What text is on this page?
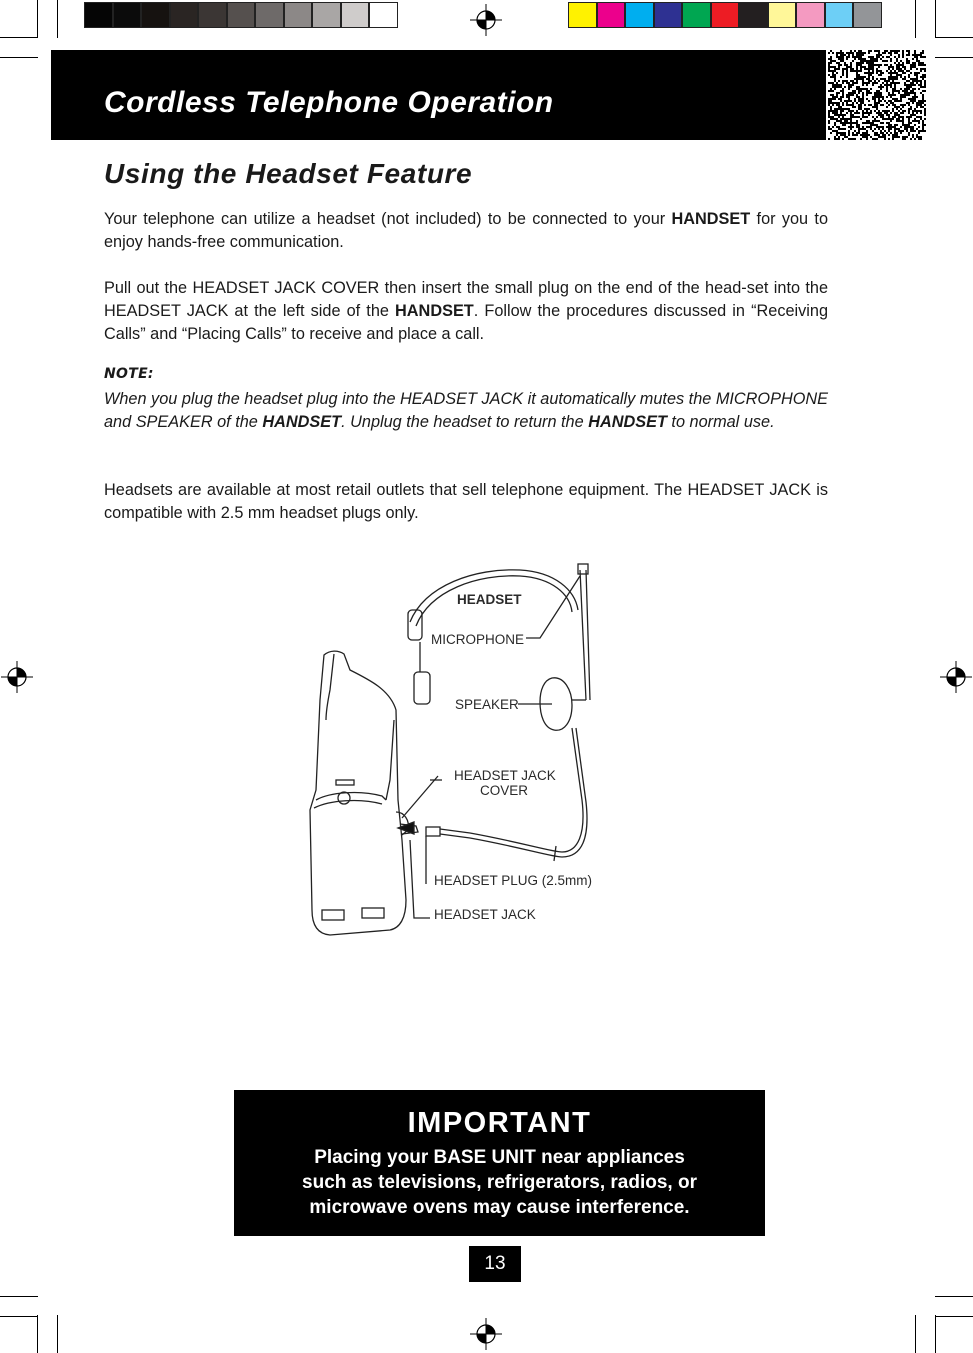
Cordless Telephone Operation
Using the Headset Feature
Your telephone can utilize a headset (not included) to be connected to your HANDSET for you to enjoy hands-free communication.
Pull out the HEADSET JACK COVER then insert the small plug on the end of the head-set into the HEADSET JACK at the left side of the HANDSET. Follow the procedures discussed in “Receiving Calls” and “Placing Calls” to receive and place a call.
NOTE:
When you plug the headset plug into the HEADSET JACK it automatically mutes the MICROPHONE and SPEAKER of the HANDSET. Unplug the headset to return the HANDSET to normal use.
Headsets are available at most retail outlets that sell telephone equipment. The HEADSET JACK is compatible with 2.5 mm headset plugs only.
HEADSET
MICROPHONE
SPEAKER
HEADSET JACK
COVER
HEADSET PLUG (2.5mm)
HEADSET JACK
IMPORTANT
Placing your BASE UNIT near appliances
such as televisions, refrigerators, radios, or
microwave ovens may cause interference.
13
